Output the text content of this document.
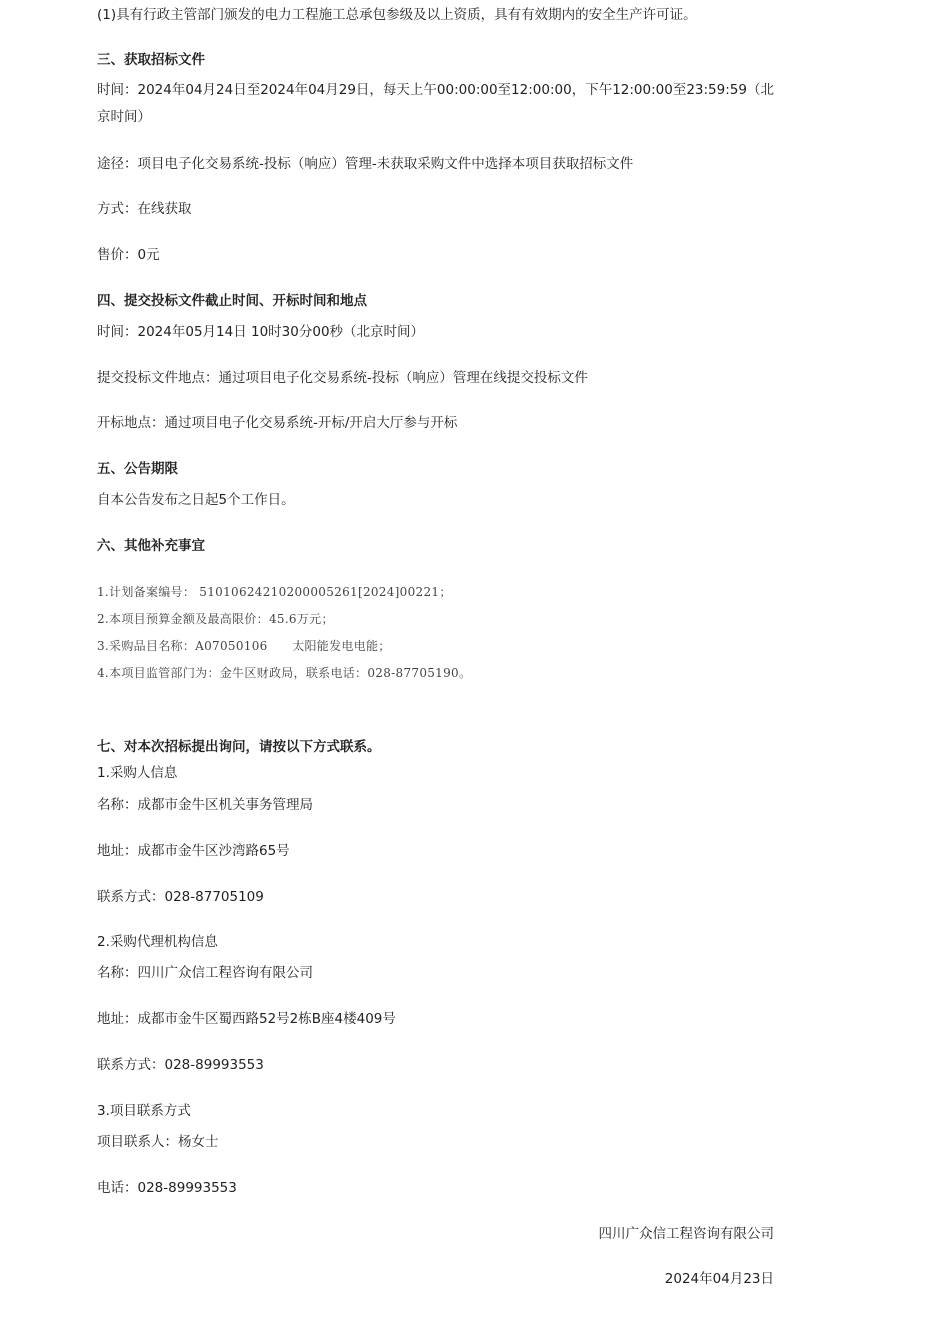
(1)具有行政主管部门颁发的电力工程施工总承包参级及以上资质，具有有效期内的安全生产许可证。
三、获取招标文件
时间：2024年04月24日至2024年04月29日，每天上午00:00:00至12:00:00，下午12:00:00至23:59:59（北京时间）
途径：项目电子化交易系统-投标（响应）管理-未获取采购文件中选择本项目获取招标文件
方式：在线获取
售价：0元
四、提交投标文件截止时间、开标时间和地点
时间：2024年05月14日 10时30分00秒（北京时间）
提交投标文件地点：通过项目电子化交易系统-投标（响应）管理在线提交投标文件
开标地点：通过项目电子化交易系统-开标/开启大厅参与开标
五、公告期限
自本公告发布之日起5个工作日。
六、其他补充事宜
1.计划备案编号： 51010624210200005261[2024]00221；
2.本项目预算金额及最高限价：45.6万元；
3.采购品目名称：A07050106　　太阳能发电电能；
4.本项目监管部门为：金牛区财政局，联系电话：028-87705190。
七、对本次招标提出询问，请按以下方式联系。
1.采购人信息
名称：成都市金牛区机关事务管理局
地址：成都市金牛区沙湾路65号
联系方式：028-87705109
2.采购代理机构信息
名称：四川广众信工程咨询有限公司
地址：成都市金牛区蜀西路52号2栋B座4楼409号
联系方式：028-89993553
3.项目联系方式
项目联系人：杨女士
电话：028-89993553
四川广众信工程咨询有限公司
2024年04月23日
